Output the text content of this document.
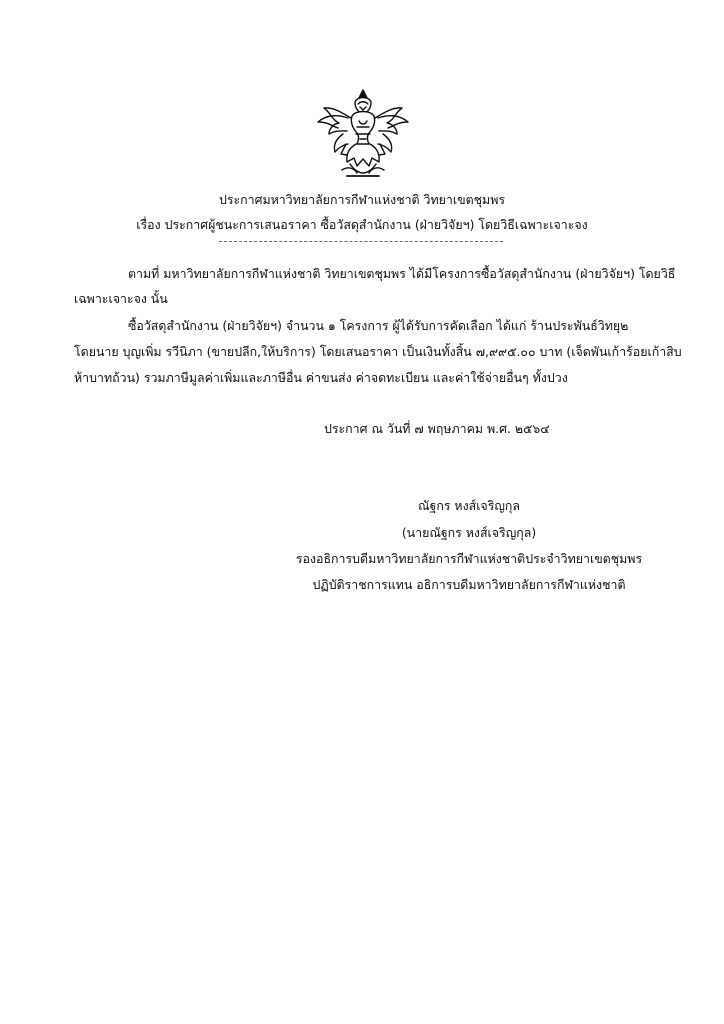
ประกาศมหาวิทยาลัยการกีฬาแห่งชาติ วิทยาเขตชุมพร
เรื่อง ประกาศผู้ชนะการเสนอราคา ซื้อวัสดุสำนักงาน (ฝ่ายวิจัยฯ) โดยวิธีเฉพาะเจาะจง
ตามที่ มหาวิทยาลัยการกีฬาแห่งชาติ วิทยาเขตชุมพร ได้มีโครงการซื้อวัสดุสำนักงาน (ฝ่ายวิจัยฯ) โดยวิธี
เฉพาะเจาะจง นั้น
ซื้อวัสดุสำนักงาน (ฝ่ายวิจัยฯ) จำนวน ๑ โครงการ ผู้ได้รับการคัดเลือก ได้แก่ ร้านประพันธ์วิทยุ๒
โดยนาย บุญเพิ่ม รวีนิภา (ขายปลีก,ให้บริการ) โดยเสนอราคา เป็นเงินทั้งสิ้น ๗,๙๙๕.๐๐ บาท (เจ็ดพันเก้าร้อยเก้าสิบ
ห้าบาทถ้วน) รวมภาษีมูลค่าเพิ่มและภาษีอื่น ค่าขนส่ง ค่าจดทะเบียน และค่าใช้จ่ายอื่นๆ ทั้งปวง
ประกาศ ณ วันที่ ๗ พฤษภาคม พ.ศ. ๒๕๖๔
ณัฐกร หงส์เจริญกุล
(นายณัฐกร หงส์เจริญกุล)
รองอธิการบดีมหาวิทยาลัยการกีฬาแห่งชาติประจำวิทยาเขตชุมพร
ปฏิบัติราชการแทน อธิการบดีมหาวิทยาลัยการกีฬาแห่งชาติ
